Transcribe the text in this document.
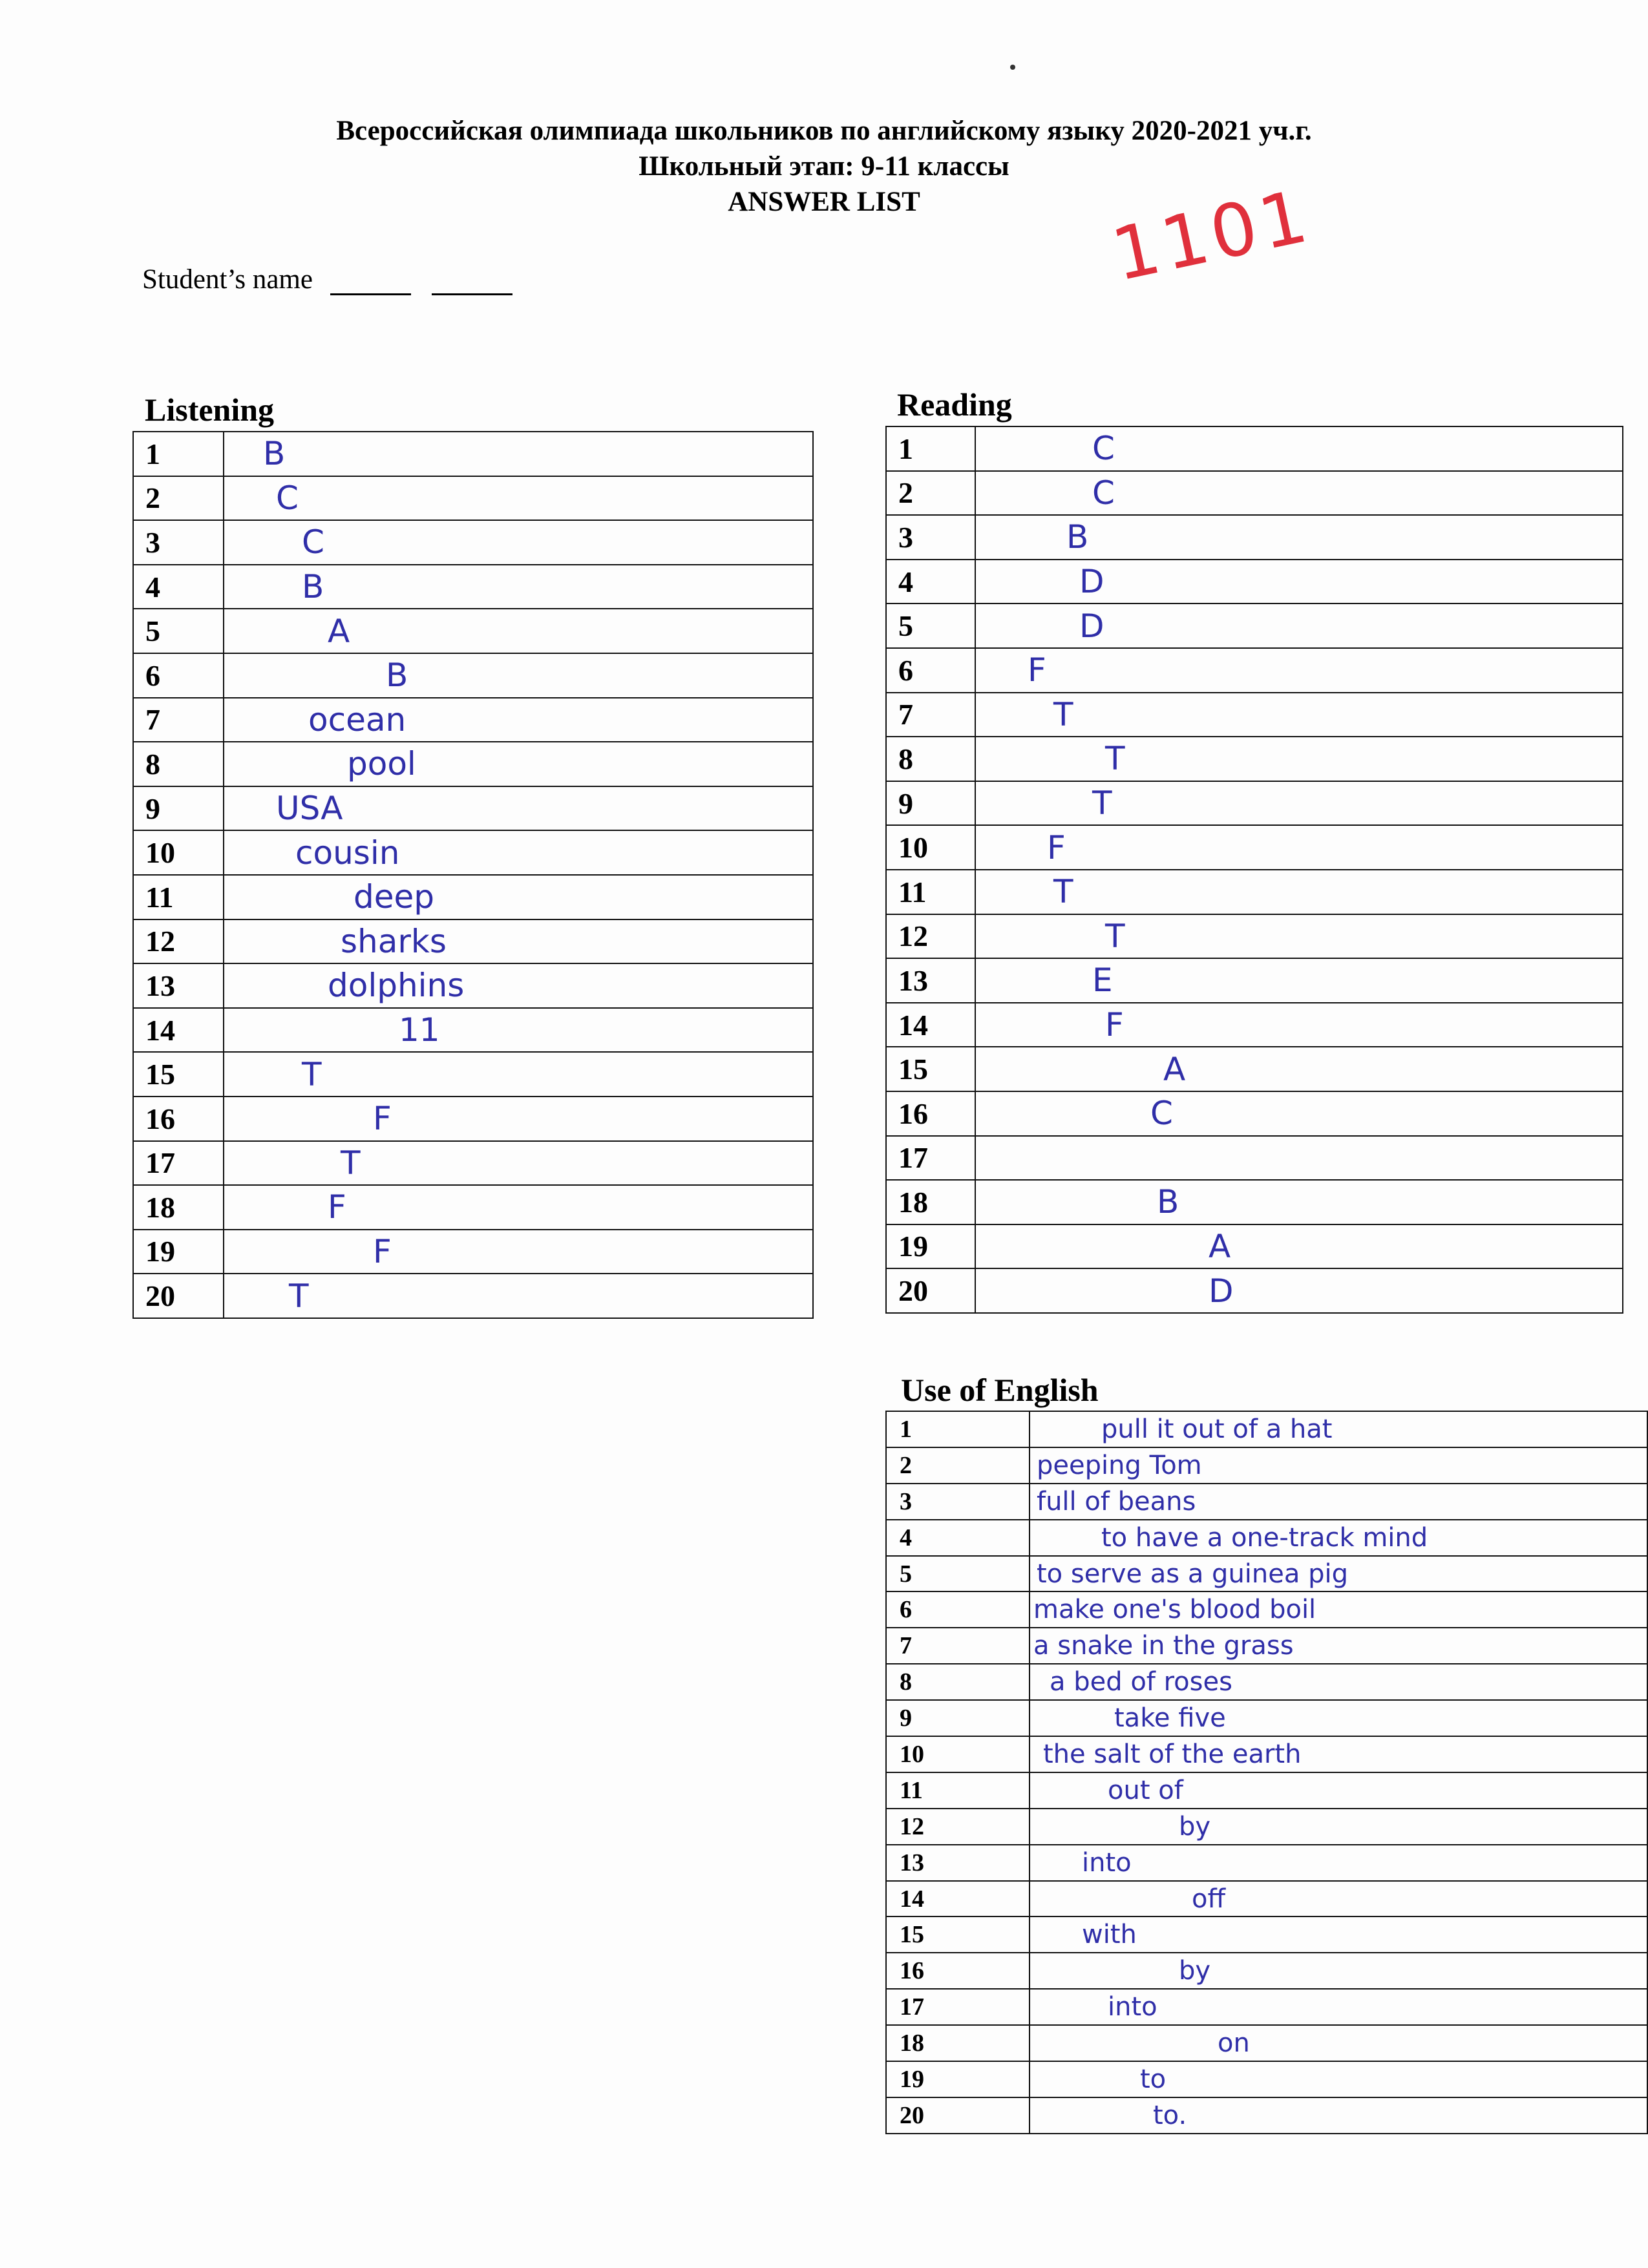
Всероссийская олимпиада школьников по английскому языку 2020-2021 уч.г.
Школьный этап: 9-11 классы
ANSWER LIST
Student’s name	1101
Listening
1	B
2	C
3	C
4	B
5	A
6	B
7	ocean
8	pool
9	USA
10	cousin
11	deep
12	sharks
13	dolphins
14	11
15	T
16	F
17	T
18	F
19	F
20	T
Reading
1	C
2	C
3	B
4	D
5	D
6	F
7	T
8	T
9	T
10	F
11	T
12	T
13	E
14	F
15	A
16	C
17	
18	B
19	A
20	D
Use of English
1	pull it out of a hat
2	peeping Tom
3	full of beans
4	to have a one-track mind
5	to serve as a guinea pig
6	make one's blood boil
7	a snake in the grass
8	a bed of roses
9	take five
10	the salt of the earth
11	out of
12	by
13	into
14	off
15	with
16	by
17	into
18	on
19	to
20	to.
